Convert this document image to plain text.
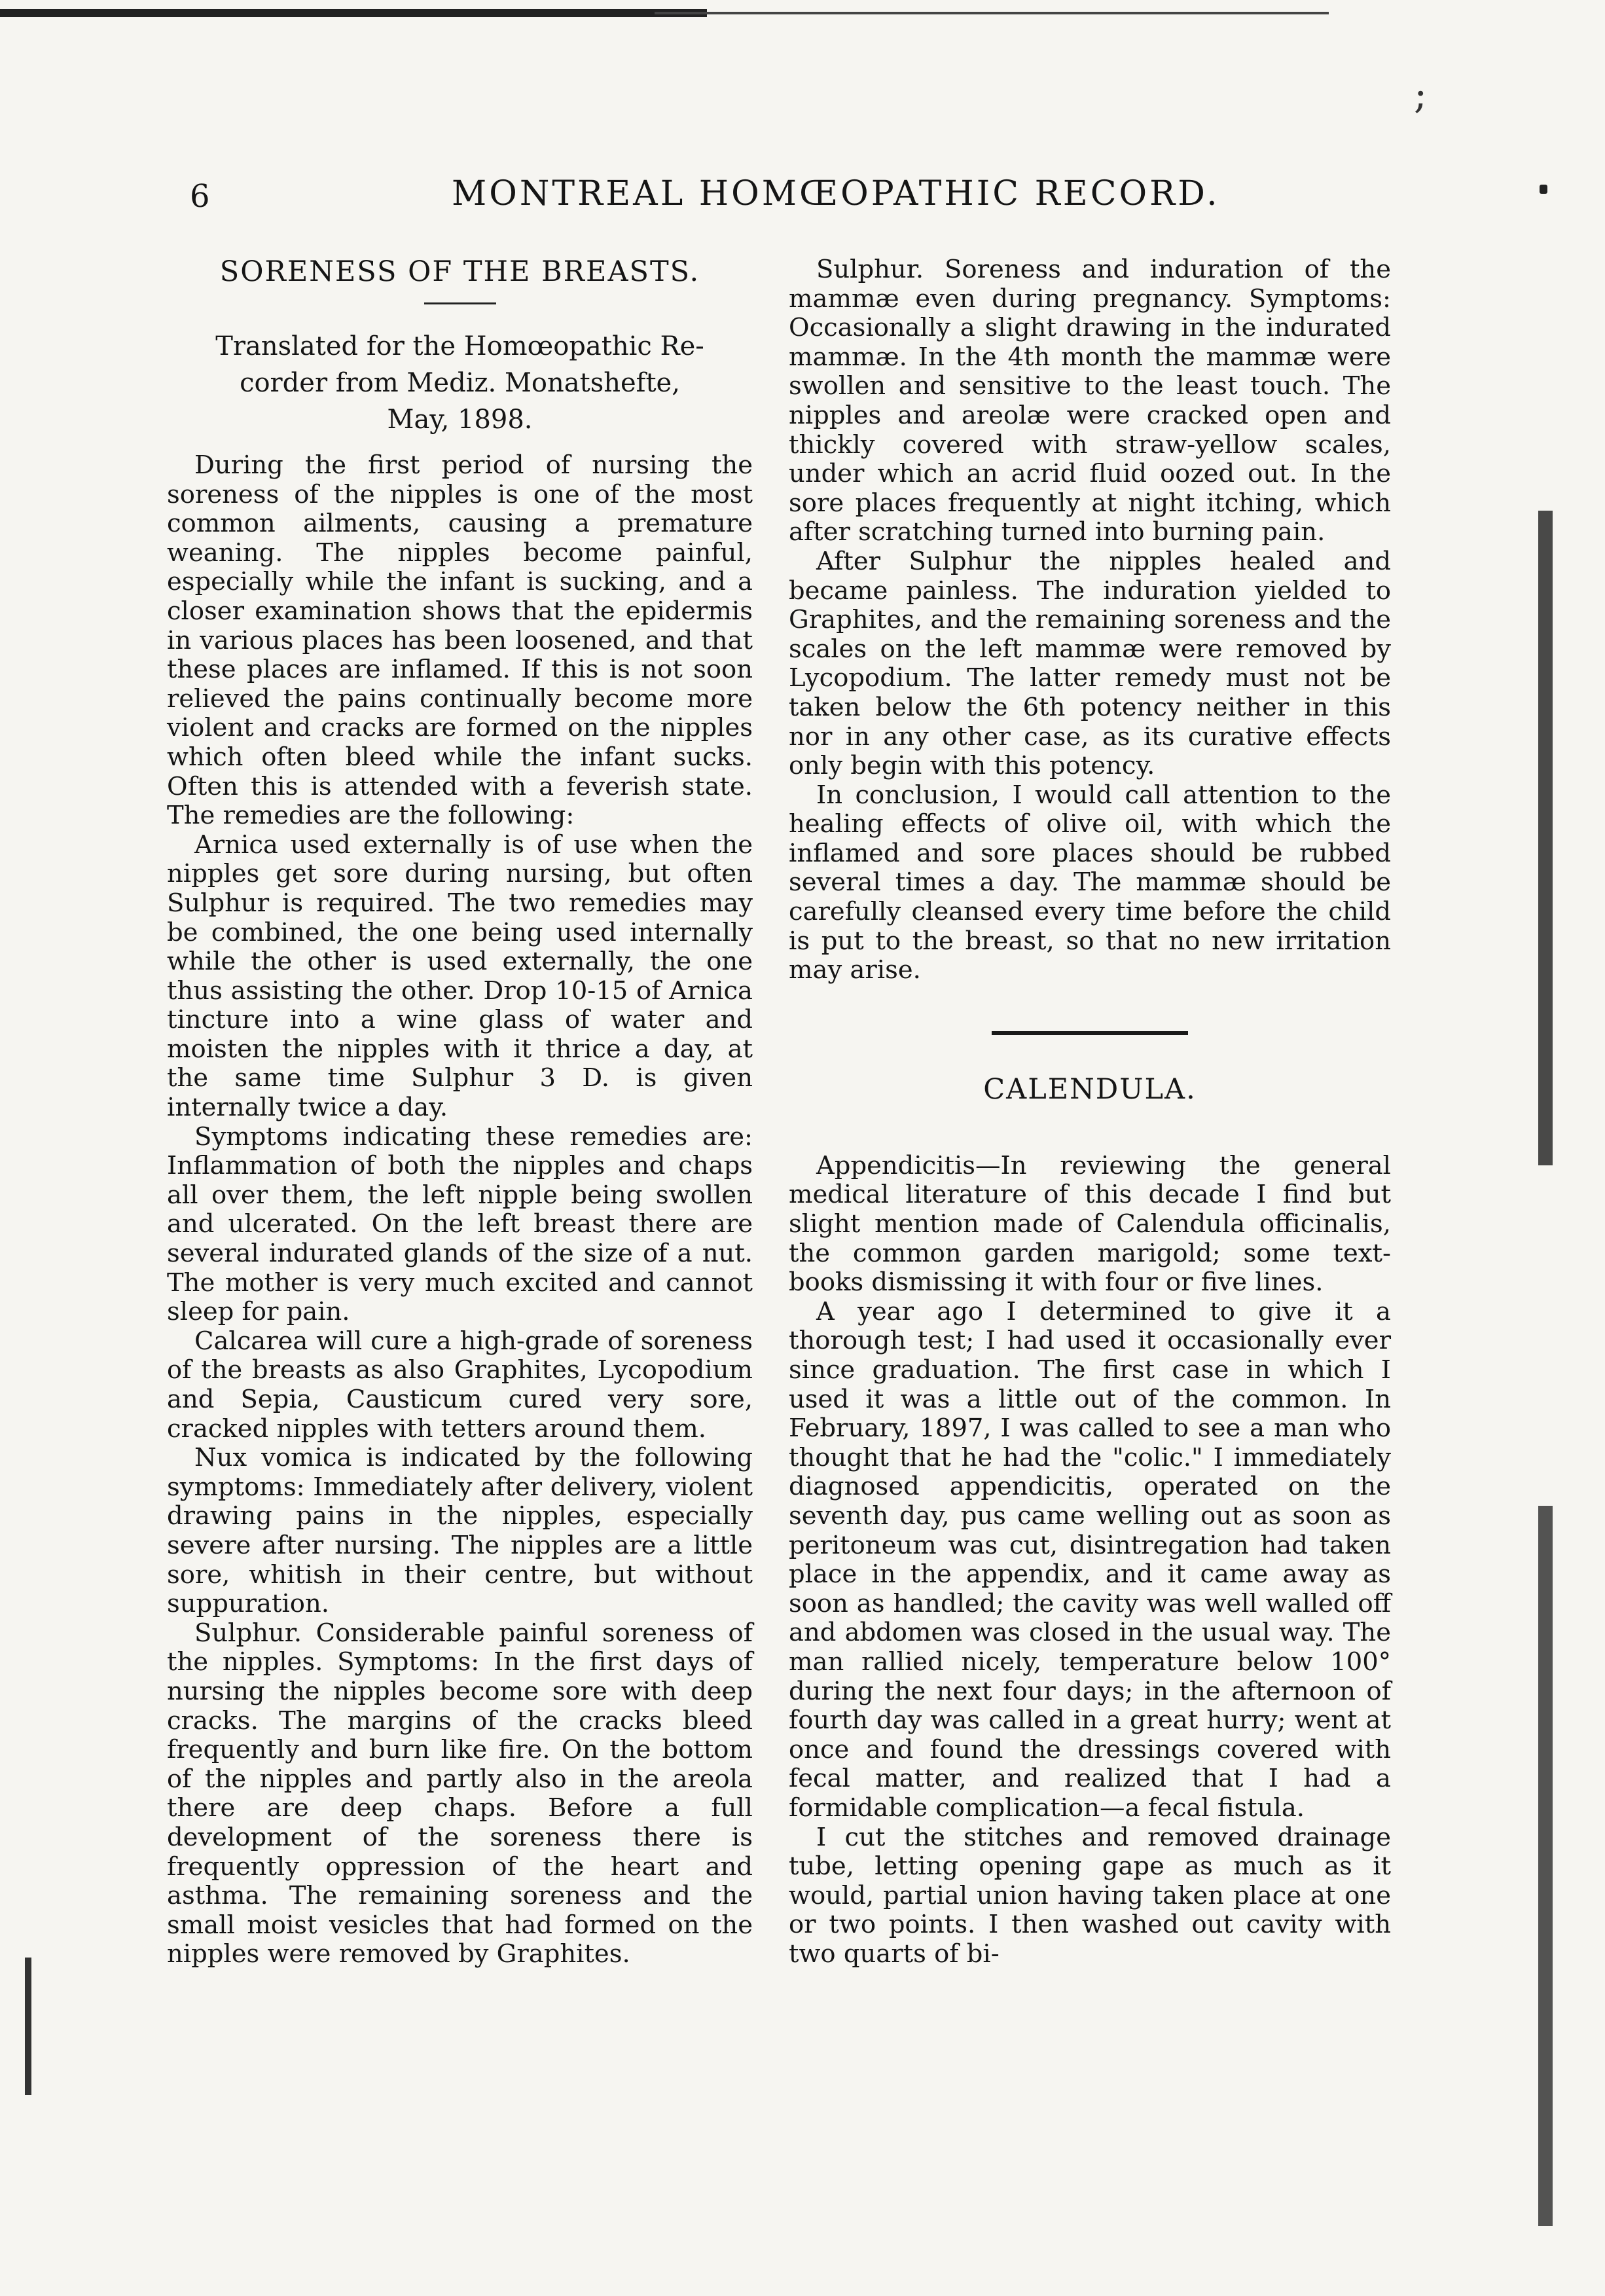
;
6	MONTREAL HOMŒOPATHIC RECORD.
SORENESS OF THE BREASTS.
Translated for the Homœopathic Re-
corder from Mediz. Monatshefte,
May, 1898.

During the first period of nursing the soreness of the nipples is one of the most common ailments, causing a premature weaning. The nipples become painful, especially while the infant is sucking, and a closer examination shows that the epidermis in various places has been loosened, and that these places are inflamed. If this is not soon relieved the pains continually become more violent and cracks are formed on the nipples which often bleed while the infant sucks. Often this is attended with a feverish state. The remedies are the following:

Arnica used externally is of use when the nipples get sore during nursing, but often Sulphur is required. The two remedies may be combined, the one being used internally while the other is used externally, the one thus assisting the other. Drop 10-15 of Arnica tincture into a wine glass of water and moisten the nipples with it thrice a day, at the same time Sulphur 3 D. is given internally twice a day.

Symptoms indicating these remedies are: Inflammation of both the nipples and chaps all over them, the left nipple being swollen and ulcerated. On the left breast there are several indurated glands of the size of a nut. The mother is very much excited and cannot sleep for pain.

Calcarea will cure a high-grade of soreness of the breasts as also Graphites, Lycopodium and Sepia, Causticum cured very sore, cracked nipples with tetters around them.

Nux vomica is indicated by the following symptoms: Immediately after delivery, violent drawing pains in the nipples, especially severe after nursing. The nipples are a little sore, whitish in their centre, but without suppuration.

Sulphur. Considerable painful soreness of the nipples. Symptoms: In the first days of nursing the nipples become sore with deep cracks. The margins of the cracks bleed frequently and burn like fire. On the bottom of the nipples and partly also in the areola there are deep chaps. Before a full development of the soreness there is frequently oppression of the heart and asthma. The remaining soreness and the small moist vesicles that had formed on the nipples were removed by Graphites.

Sulphur. Soreness and induration of the mammæ even during pregnancy. Symptoms: Occasionally a slight drawing in the indurated mammæ. In the 4th month the mammæ were swollen and sensitive to the least touch. The nipples and areolæ were cracked open and thickly covered with straw-yellow scales, under which an acrid fluid oozed out. In the sore places frequently at night itching, which after scratching turned into burning pain.

After Sulphur the nipples healed and became painless. The induration yielded to Graphites, and the remaining soreness and the scales on the left mammæ were removed by Lycopodium. The latter remedy must not be taken below the 6th potency neither in this nor in any other case, as its curative effects only begin with this potency.

In conclusion, I would call attention to the healing effects of olive oil, with which the inflamed and sore places should be rubbed several times a day. The mammæ should be carefully cleansed every time before the child is put to the breast, so that no new irritation may arise.

CALENDULA.

Appendicitis—In reviewing the general medical literature of this decade I find but slight mention made of Calendula officinalis, the common garden marigold; some text-books dismissing it with four or five lines.

A year ago I determined to give it a thorough test; I had used it occasionally ever since graduation. The first case in which I used it was a little out of the common. In February, 1897, I was called to see a man who thought that he had the "colic." I immediately diagnosed appendicitis, operated on the seventh day, pus came welling out as soon as peritoneum was cut, disintregation had taken place in the appendix, and it came away as soon as handled; the cavity was well walled off and abdomen was closed in the usual way. The man rallied nicely, temperature below 100° during the next four days; in the afternoon of fourth day was called in a great hurry; went at once and found the dressings covered with fecal matter, and realized that I had a formidable complication—a fecal fistula.

I cut the stitches and removed drainage tube, letting opening gape as much as it would, partial union having taken place at one or two points. I then washed out cavity with two quarts of bi-
